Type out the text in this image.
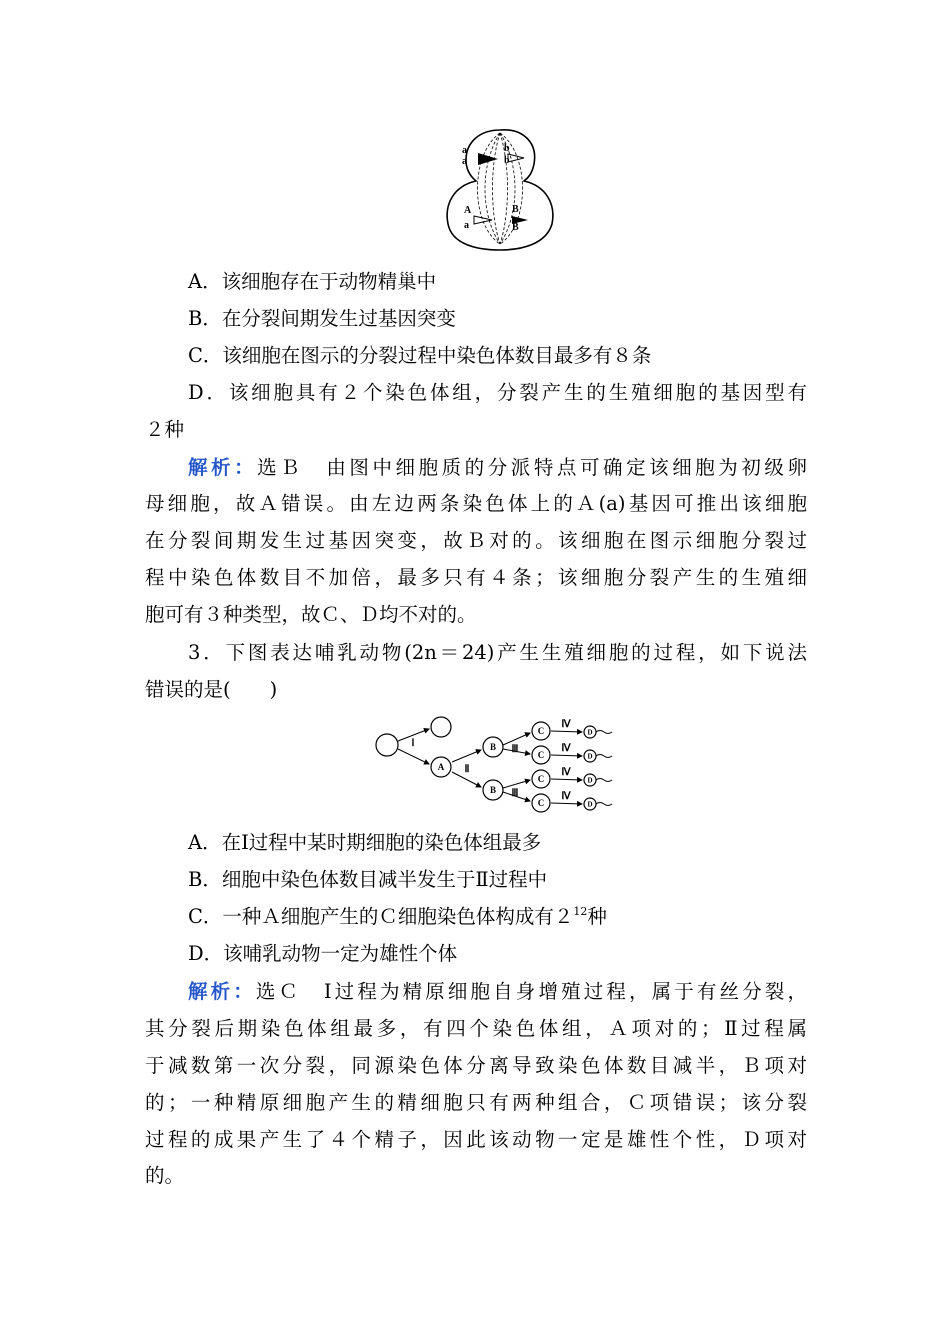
a
a
b
b
A
a
B
B
A．该细胞存在于动物精巢中
B．在分裂间期发生过基因突变
C．该细胞在图示的分裂过程中染色体数目最多有８条
D．该细胞具有２个染色体组，分裂产生的生殖细胞的基因型有
２种
解析：选Ｂ　由图中细胞质的分派特点可确定该细胞为初级卵
母细胞，故Ａ错误。由左边两条染色体上的Ａ(a)基因可推出该细胞
在分裂间期发生过基因突变，故Ｂ对的。该细胞在图示细胞分裂过
程中染色体数目不加倍，最多只有４条；该细胞分裂产生的生殖细
胞可有３种类型，故Ｃ、Ｄ均不对的。
3．下图表达哺乳动物(2n＝24)产生生殖细胞的过程，如下说法
错误的是(　　)
Ⅰ
Ⅱ
Ⅲ
Ⅲ
Ⅳ
Ⅳ
Ⅳ
Ⅳ
A
B
B
C
C
C
C
D
D
D
D
A．在Ⅰ过程中某时期细胞的染色体组最多
B．细胞中染色体数目减半发生于Ⅱ过程中
C．一种Ａ细胞产生的Ｃ细胞染色体构成有$2^{12}$种
D．该哺乳动物一定为雄性个体
解析：选Ｃ　Ⅰ过程为精原细胞自身增殖过程，属于有丝分裂，
其分裂后期染色体组最多，有四个染色体组，Ａ项对的；Ⅱ过程属
于减数第一次分裂，同源染色体分离导致染色体数目减半，Ｂ项对
的；一种精原细胞产生的精细胞只有两种组合，Ｃ项错误；该分裂
过程的成果产生了４个精子，因此该动物一定是雄性个性，Ｄ项对
的。
